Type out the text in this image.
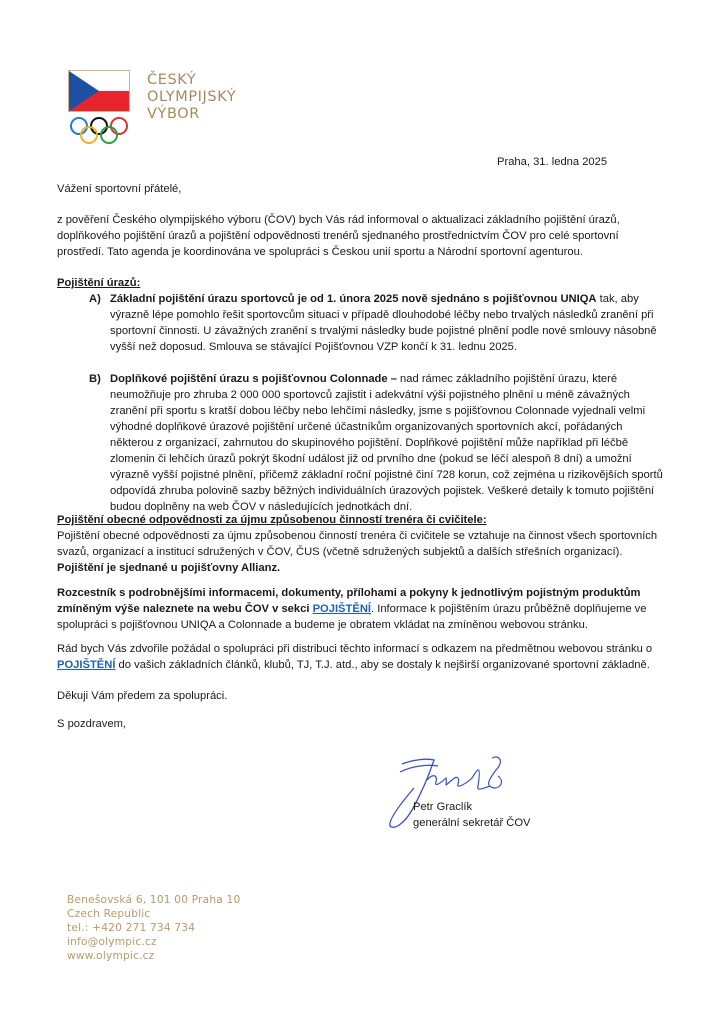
ČESKÝ
OLYMPIJSKÝ
VÝBOR
Praha, 31. ledna 2025

Vážení sportovní přátelé,

z pověření Českého olympijského výboru (ČOV) bych Vás rád informoval o aktualizaci základního pojištění úrazů, doplňkového pojištění úrazů a pojištění odpovědnosti trenérů sjednaného prostřednictvím ČOV pro celé sportovní prostředí. Tato agenda je koordinována ve spolupráci s Českou unií sportu a Národní sportovní agenturou.

Pojištění úrazů:
A) Základní pojištění úrazu sportovců je od 1. února 2025 nově sjednáno s pojišťovnou UNIQA tak, aby výrazně lépe pomohlo řešit sportovcům situaci v případě dlouhodobé léčby nebo trvalých následků zranění při sportovní činnosti. U závažných zranění s trvalými následky bude pojistné plnění podle nové smlouvy násobně vyšší než doposud. Smlouva se stávající Pojišťovnou VZP končí k 31. lednu 2025.
B) Doplňkové pojištění úrazu s pojišťovnou Colonnade – nad rámec základního pojištění úrazu, které neumožňuje pro zhruba 2 000 000 sportovců zajistit i adekvátní výši pojistného plnění u méně závažných zranění při sportu s kratší dobou léčby nebo lehčími následky, jsme s pojišťovnou Colonnade vyjednali velmi výhodné doplňkové úrazové pojištění určené účastníkům organizovaných sportovních akcí, pořádaných některou z organizací, zahrnutou do skupinového pojištění. Doplňkové pojištění může například při léčbě zlomenin či lehčích úrazů pokrýt škodní událost již od prvního dne (pokud se léčí alespoň 8 dní) a umožní výrazně vyšší pojistné plnění, přičemž základní roční pojistné činí 728 korun, což zejména u rizikovějších sportů odpovídá zhruba polovině sazby běžných individuálních úrazových pojistek. Veškeré detaily k tomuto pojištění budou doplněny na web ČOV v následujících jednotkách dní.
Pojištění obecné odpovědnosti za újmu způsobenou činností trenéra či cvičitele:

Pojištění obecné odpovědnosti za újmu způsobenou činností trenéra či cvičitele se vztahuje na činnost všech sportovních svazů, organizací a institucí sdružených v ČOV, ČUS (včetně sdružených subjektů a dalších střešních organizací). Pojištění je sjednané u pojišťovny Allianz.

Rozcestník s podrobnějšími informacemi, dokumenty, přílohami a pokyny k jednotlivým pojistným produktům zmíněným výše naleznete na webu ČOV v sekci POJIŠTĚNÍ. Informace k pojištěním úrazu průběžně doplňujeme ve spolupráci s pojišťovnou UNIQA a Colonnade a budeme je obratem vkládat na zmíněnou webovou stránku.

Rád bych Vás zdvořile požádal o spolupráci při distribuci těchto informací s odkazem na předmětnou webovou stránku o POJIŠTĚNÍ do vašich základních článků, klubů, TJ, T.J. atd., aby se dostaly k nejširší organizované sportovní základně.

Děkuji Vám předem za spolupráci.

S pozdravem,

Petr Graclík
generální sekretář ČOV
Benešovská 6, 101 00 Praha 10
Czech Republic
tel.: +420 271 734 734
info@olympic.cz
www.olympic.cz
